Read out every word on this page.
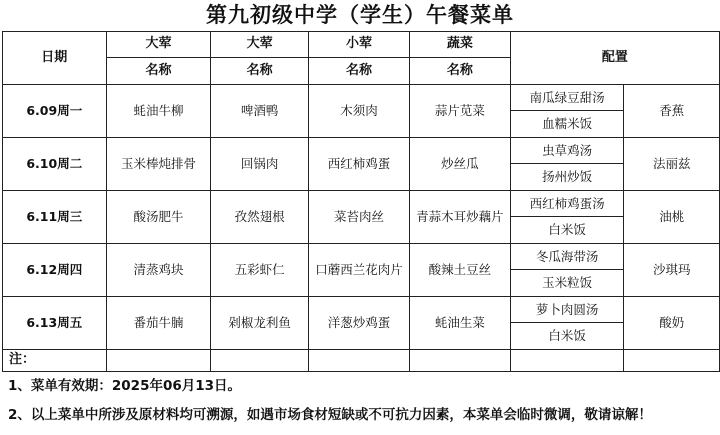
第九初级中学（学生）午餐菜单
日期	大荤	大荤	小荤	蔬菜	配置	
	名称	名称	名称	名称		
6.09周一	蚝油牛柳	啤酒鸭	木须肉	蒜片苋菜	南瓜绿豆甜汤	香蕉
					血糯米饭	
6.10周二	玉米棒炖排骨	回锅肉	西红柿鸡蛋	炒丝瓜	虫草鸡汤	法丽兹
					扬州炒饭	
6.11周三	酸汤肥牛	孜然翅根	菜苔肉丝	青蒜木耳炒藕片	西红柿鸡蛋汤	油桃
					白米饭	
6.12周四	清蒸鸡块	五彩虾仁	口蘑西兰花肉片	酸辣土豆丝	冬瓜海带汤	沙琪玛
					玉米粒饭	
6.13周五	番茄牛腩	剁椒龙利鱼	洋葱炒鸡蛋	蚝油生菜	萝卜肉圆汤	酸奶
					白米饭	
注：						
1、菜单有效期：2025年06月13日。
2、以上菜单中所涉及原材料均可溯源，如遇市场食材短缺或不可抗力因素，本菜单会临时微调，敬请谅解！
